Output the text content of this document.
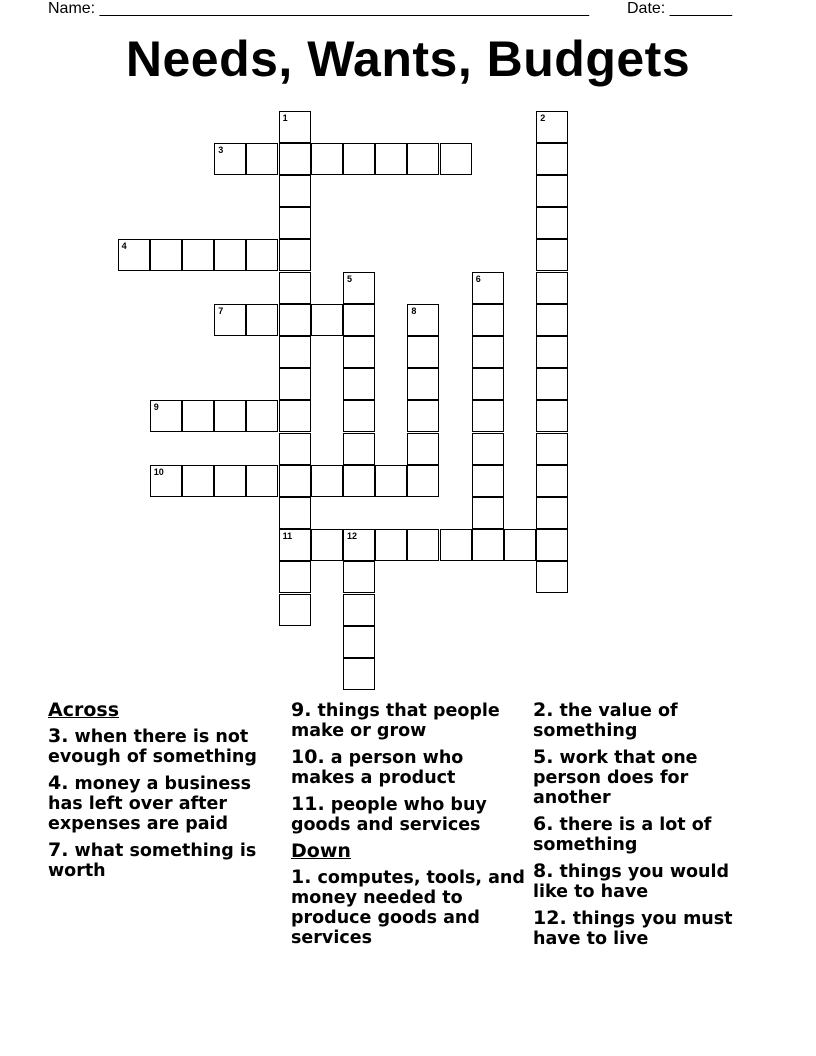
Name: _______________________________________________________ Date: _______
Needs, Wants, Budgets
1	2
3
4
5	6
7	8
9
10
11	12
Across
3. when there is not evough of something
4. money a business has left over after expenses are paid
7. what something is worth
9. things that people make or grow
10. a person who makes a product
11. people who buy goods and services
Down
1. computes, tools, and money needed to produce goods and services
2. the value of something
5. work that one person does for another
6. there is a lot of something
8. things you would like to have
12. things you must have to live
